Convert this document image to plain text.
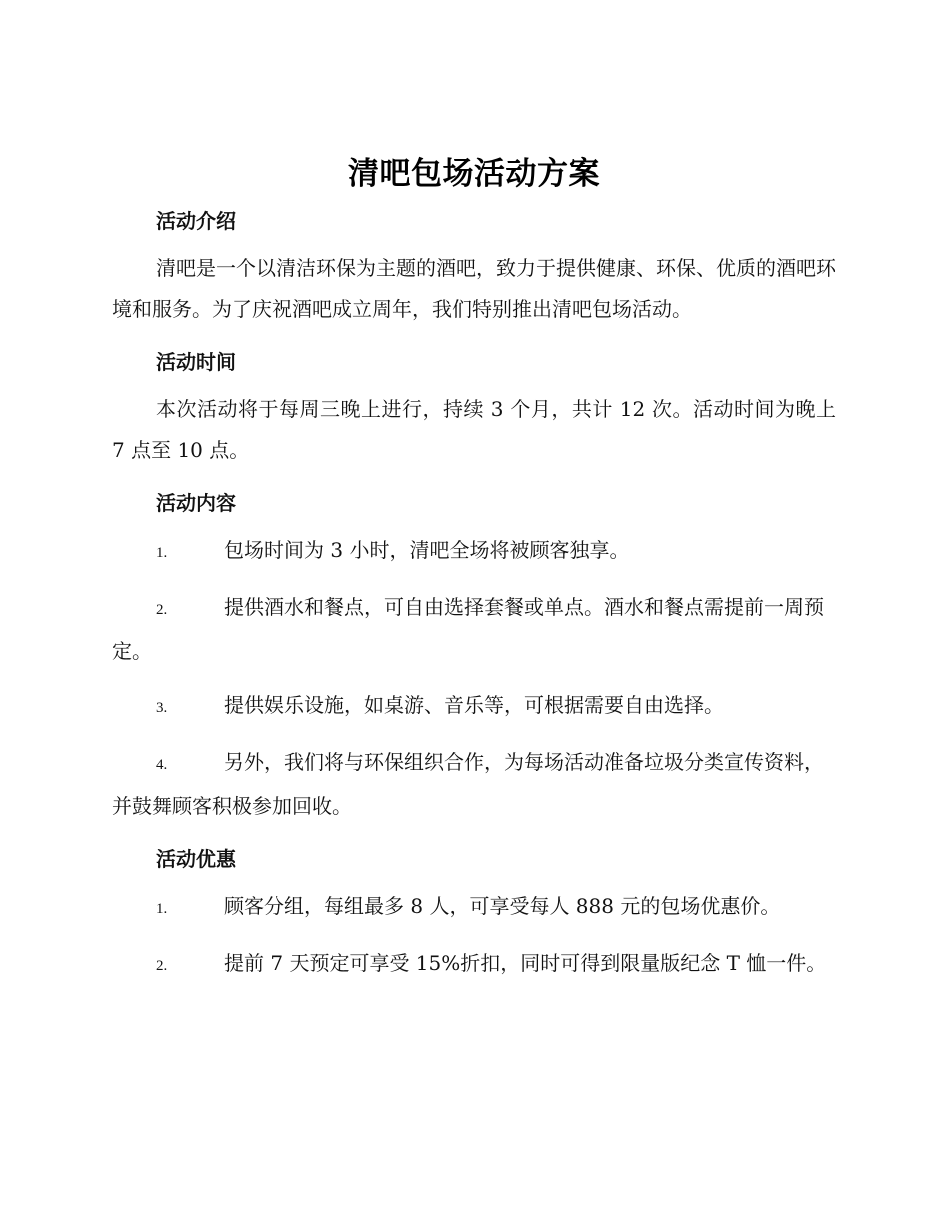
清吧包场活动方案
活动介绍

清吧是一个以清洁环保为主题的酒吧，致力于提供健康、环保、优质的酒吧环境和服务。为了庆祝酒吧成立周年，我们特别推出清吧包场活动。

活动时间

本次活动将于每周三晚上进行，持续 3 个月，共计 12 次。活动时间为晚上 7 点至 10 点。

活动内容

1.	包场时间为 3 小时，清吧全场将被顾客独享。

2.	提供酒水和餐点，可自由选择套餐或单点。酒水和餐点需提前一周预定。

3.	提供娱乐设施，如桌游、音乐等，可根据需要自由选择。

4.	另外，我们将与环保组织合作，为每场活动准备垃圾分类宣传资料，并鼓舞顾客积极参加回收。

活动优惠

1.	顾客分组，每组最多 8 人，可享受每人 888 元的包场优惠价。

2.	提前 7 天预定可享受 15%折扣，同时可得到限量版纪念 T 恤一件。
